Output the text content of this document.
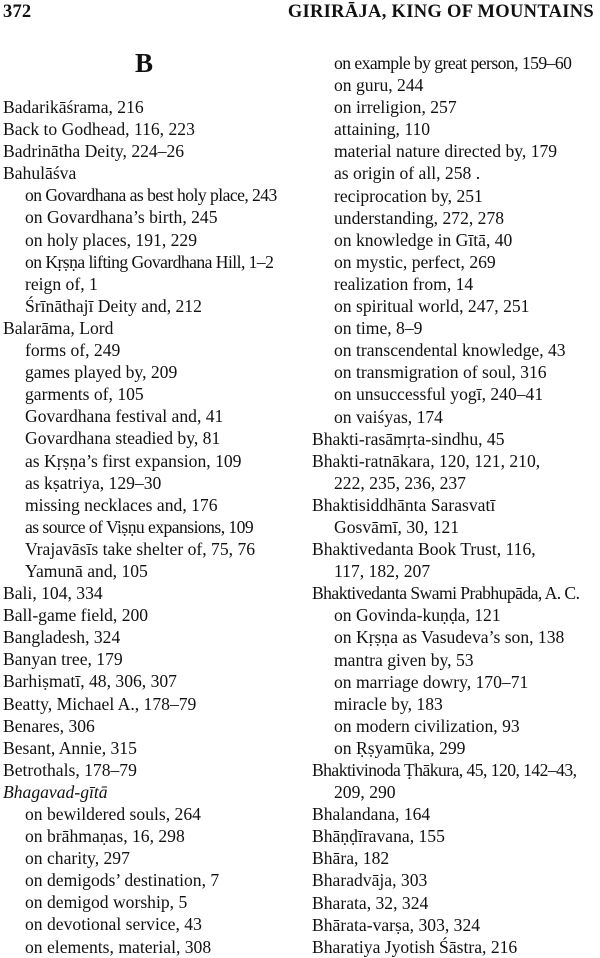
372	GIRIRĀJA, KING OF MOUNTAINS
B
Badarikāśrama, 216
Back to Godhead, 116, 223
Badrinātha Deity, 224–26
Bahulāśva
on Govardhana as best holy place, 243
on Govardhana’s birth, 245
on holy places, 191, 229
on Kṛṣṇa lifting Govardhana Hill, 1–2
reign of, 1
Śrīnāthajī Deity and, 212
Balarāma, Lord
forms of, 249
games played by, 209
garments of, 105
Govardhana festival and, 41
Govardhana steadied by, 81
as Kṛṣṇa’s first expansion, 109
as kṣatriya, 129–30
missing necklaces and, 176
as source of Viṣṇu expansions, 109
Vrajavāsīs take shelter of, 75, 76
Yamunā and, 105
Bali, 104, 334
Ball-game field, 200
Bangladesh, 324
Banyan tree, 179
Barhiṣmatī, 48, 306, 307
Beatty, Michael A., 178–79
Benares, 306
Besant, Annie, 315
Betrothals, 178–79
Bhagavad-gītā
on bewildered souls, 264
on brāhmaṇas, 16, 298
on charity, 297
on demigods’ destination, 7
on demigod worship, 5
on devotional service, 43
on elements, material, 308
on example by great person, 159–60
on guru, 244
on irreligion, 257
attaining, 110
material nature directed by, 179
as origin of all, 258 .
reciprocation by, 251
understanding, 272, 278
on knowledge in Gītā, 40
on mystic, perfect, 269
realization from, 14
on spiritual world, 247, 251
on time, 8–9
on transcendental knowledge, 43
on transmigration of soul, 316
on unsuccessful yogī, 240–41
on vaiśyas, 174
Bhakti-rasāmṛta-sindhu, 45
Bhakti-ratnākara, 120, 121, 210,
222, 235, 236, 237
Bhaktisiddhānta Sarasvatī
Gosvāmī, 30, 121
Bhaktivedanta Book Trust, 116,
117, 182, 207
Bhaktivedanta Swami Prabhupāda, A. C.
on Govinda-kuṇḍa, 121
on Kṛṣṇa as Vasudeva’s son, 138
mantra given by, 53
on marriage dowry, 170–71
miracle by, 183
on modern civilization, 93
on Ṛṣyamūka, 299
Bhaktivinoda Ṭhākura, 45, 120, 142–43,
209, 290
Bhalandana, 164
Bhāṇḍīravana, 155
Bhāra, 182
Bharadvāja, 303
Bharata, 32, 324
Bhārata-varṣa, 303, 324
Bharatiya Jyotish Śāstra, 216
